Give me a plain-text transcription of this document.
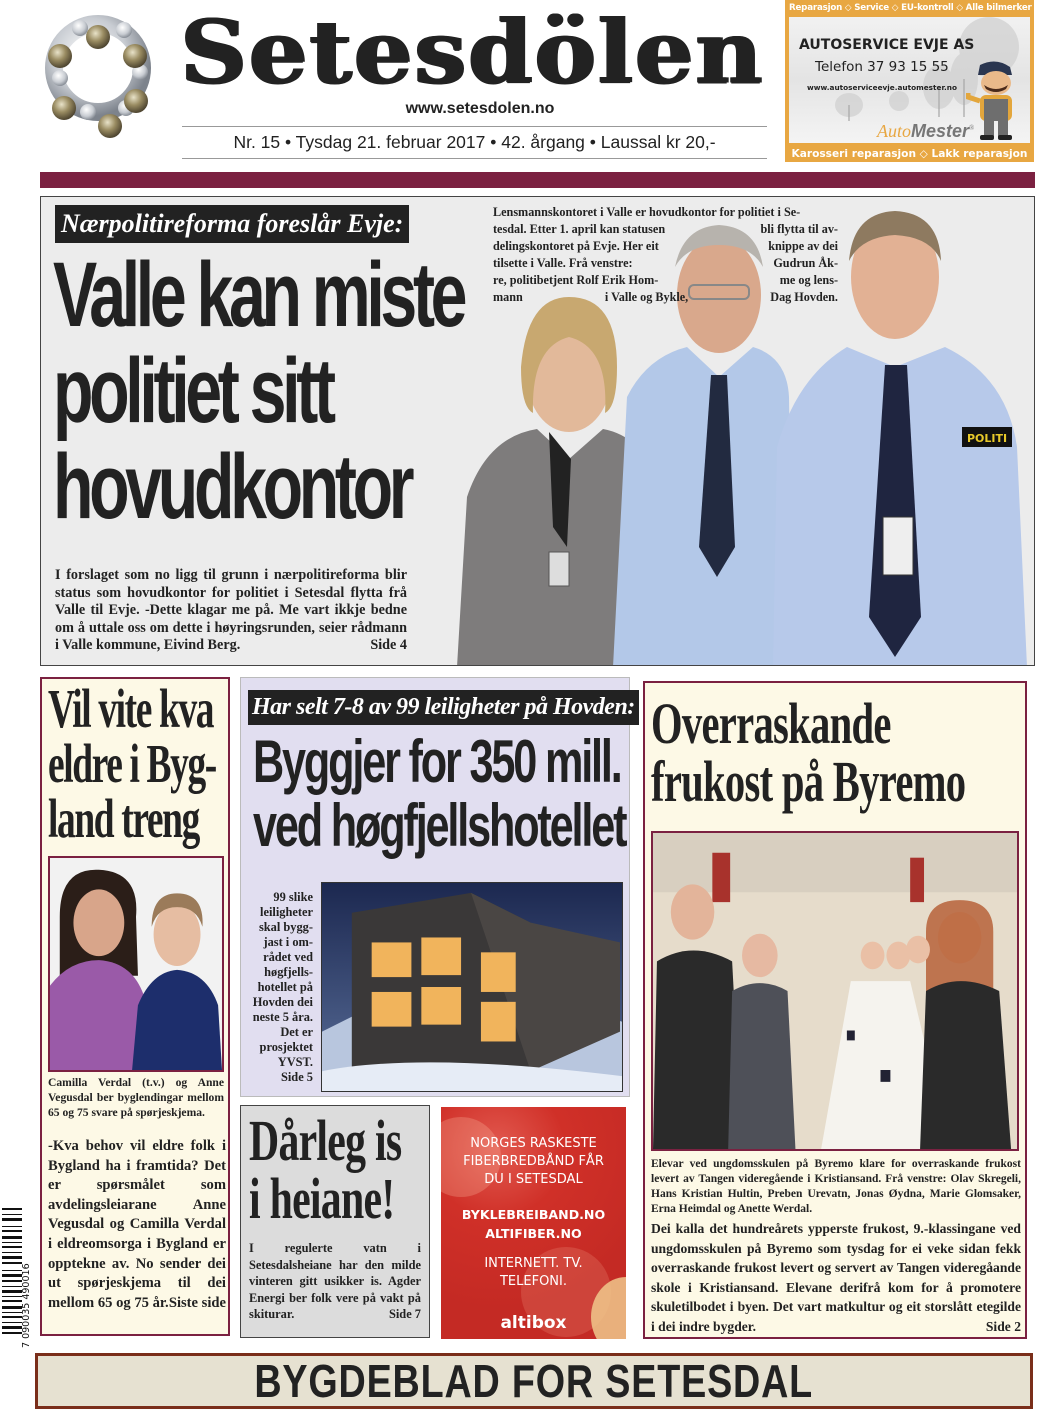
Setesdölen
www.setesdolen.no
Nr. 15 • Tysdag 21. februar 2017 • 42. årgang • Laussal kr 20,-
Reparasjon ◇ Service ◇ EU-kontroll ◇ Alle bilmerker
AUTOSERVICE EVJE AS
Telefon 37 93 15 55
www.autoserviceevje.automester.no
AutoMester®
Karosseri reparasjon ◇ Lakk reparasjon
POLITI
Nærpolitireforma foreslår Evje:
Valle kan miste
politiet sitt
hovudkontor
Lensmannskontoret i Valle er hovudkontor for politiet i Se-
tesdal. Etter 1. april kan statusen	bli flytta til av-
delingskontoret på Evje. Her eit	knippe av dei
tilsette i Valle. Frå venstre:	Gudrun Åk-
re, politibetjent Rolf Erik Hom-	me og lens-
mann	i Valle og Bykle,	Dag Hovden.
I forslaget som no ligg til grunn i nærpolitireforma blir status som hovudkontor for politiet i Setesdal flytta frå Valle til Evje. -Dette klagar me på. Me vart ikkje bedne om å uttale oss om dette i høyringsrunden, seier rådmann i Valle kommune, Eivind Berg.	Side 4
Vil vite kva
eldre i Byg-
land treng
Camilla Verdal (t.v.) og Anne Vegusdal ber byglendingar mellom 65 og 75 svare på spørjeskjema.
-Kva behov vil eldre folk i Bygland ha i framtida? Det er spørsmålet som avdelingsleiarane Anne Vegusdal og Camilla Verdal i eldreomsorga i Bygland er opptekne av. No sender dei ut spørjeskjema til dei mellom 65 og 75 år. Siste side
Har selt 7-8 av 99 leiligheter på Hovden:
Byggjer for 350 mill.
ved høgfjellshotellet
99 slike
leiligheter
skal bygg-
jast i om-
rådet ved
høgfjells-
hotellet på
Hovden dei
neste 5 åra.
Det er
prosjektet
YVST.
Side 5
Dårleg is
i heiane!
I regulerte vatn i Setesdalsheiane har den milde vinteren gitt usikker is. Agder Energi ber folk vere på vakt på skiturar.	Side 7
NORGES RASKESTE
FIBERBREDBÅND FÅR
DU I SETESDAL
BYKLEBREIBAND.NO
ALTIFIBER.NO
INTERNETT. TV.
TELEFONI.
altibox
Overraskande
frukost på Byremo
Elevar ved ungdomsskulen på Byremo klare for overraskande frukost levert av Tangen videregående i Kristiansand. Frå venstre: Olav Skregeli, Hans Kristian Hultin, Preben Urevatn, Jonas Øydna, Marie Glomsaker, Erna Heimdal og Anette Werdal.
Dei kalla det hundreårets ypperste frukost, 9.-klassingane ved ungdomsskulen på Byremo som tysdag for ei veke sidan fekk overraskande frukost levert og servert av Tangen videregåande skole i Kristiansand. Elevane derifrå kom for å promotere skuletilbodet i byen. Det vart matkultur og eit storslått etegilde i dei indre bygder.	Side 2
7 090035 490016
BYGDEBLAD FOR SETESDAL
